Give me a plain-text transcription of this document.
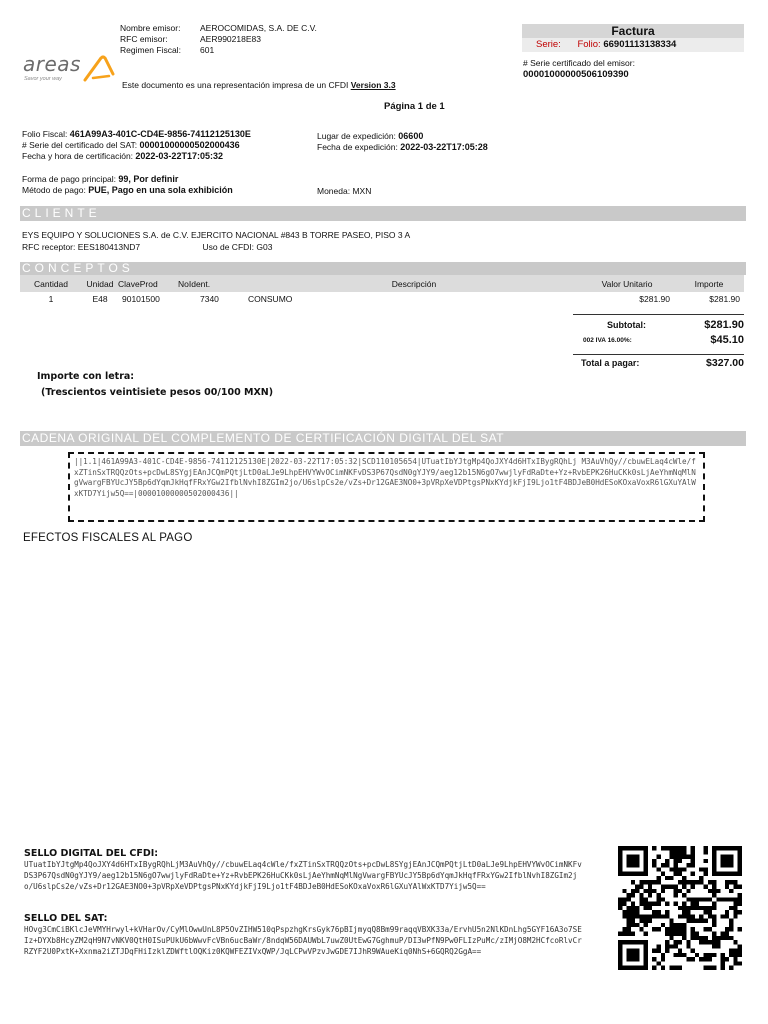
Nombre emisor:	AEROCOMIDAS, S.A. DE C.V.
RFC emisor:	AER990218E83
Regimen Fiscal:	601
areas
Savor your way
Este documento es una representación impresa de un CFDI Version 3.3
Página 1 de 1
Factura
Serie: Folio: 66901113138334
# Serie certificado del emisor:
00001000000506109390
Folio Fiscal: 461A99A3-401C-CD4E-9856-74112125130E
# Serie del certificado del SAT: 00001000000502000436
Fecha y hora de certificación: 2022-03-22T17:05:32
Lugar de expedición: 06600
Fecha de expedición: 2022-03-22T17:05:28
Forma de pago principal: 99, Por definir
Método de pago: PUE, Pago en una sola exhibición	Moneda: MXN
CLIENTE
EYS EQUIPO Y SOLUCIONES S.A. de C.V. EJERCITO NACIONAL #843 B TORRE PASEO, PISO 3 A
RFC receptor: EES180413ND7	Uso de CFDI: G03
CONCEPTOS
Cantidad	Unidad	ClaveProd	NoIdent.	Descripción	Valor Unitario	Importe
1	E48	90101500	7340	CONSUMO	$281.90	$281.90
Subtotal:	$281.90
002 IVA 16.00%:	$45.10
Total a pagar:	$327.00
Importe con letra:
(Trescientos veintisiete pesos 00/100 MXN)
CADENA ORIGINAL DEL COMPLEMENTO DE CERTIFICACIÓN DIGITAL DEL SAT
||1.1|461A99A3-401C-CD4E-9856-74112125130E|2022-03-22T17:05:32|SCD110105654|UTuatIbYJtgMp4QoJXY4d6HTxIBygRQhLj M3AuVhQy//cbuwELaq4cWle/fxZTinSxTRQQzOts+pcDwL8SYgjEAnJCQmPQtjLtD0aLJe9LhpEHVYWvOCimNKFvDS3P67QsdN0gYJY9/aeg12b15N6gO7wwjlyFdRaDte+Yz+RvbEPK26HuCKk0sLjAeYhmNqMlNgVwargFBYUcJY5Bp6dYqmJkHqfFRxYGw2IfblNvhI8ZGIm2jo/U6slpCs2e/vZs+Dr12GAE3NO0+3pVRpXeVDPtgsPNxKYdjkFjI9Ljo1tF4BDJeB0HdESoKOxaVoxR6lGXuYAlWxKTD7Yijw5Q==|00001000000502000436||
EFECTOS FISCALES AL PAGO
SELLO DIGITAL DEL CFDI:
UTuatIbYJtgMp4QoJXY4d6HTxIBygRQhLjM3AuVhQy//cbuwELaq4cWle/fxZTinSxTRQQzOts+pcDwL8SYgjEAnJCQmPQtjLtD0aLJe9LhpEHVYWvOCimNKFvDS3P67QsdN0gYJY9/aeg12b15N6gO7wwjlyFdRaDte+Yz+RvbEPK26HuCKk0sLjAeYhmNqMlNgVwargFBYUcJY5Bp6dYqmJkHqfFRxYGw2IfblNvhI8ZGIm2jo/U6slpCs2e/vZs+Dr12GAE3NO0+3pVRpXeVDPtgsPNxKYdjkFjI9Ljo1tF4BDJeB0HdESoKOxaVoxR6lGXuYAlWxKTD7Yijw5Q==
SELLO DEL SAT:
HOvg3CmCiBKlcJeVMYHrwyl+kVHarOv/CyMlOwwUnL8P5OvZIHW510qPspzhgKrsGyk76pBIjmyqQ8Bm99raqqVBXK33a/ErvhU5n2NlKDnLhg5GYF16A3o7SEIz+DYXb8HcyZM2qH9N7vNKV0QtH0ISuPUkU6bWwvFcVBn6ucBaWr/8ndqW56DAUWbL7uwZ0UtEwG7GghmuP/DI3wPfN9Pw0FLIzPuMc/zIMjO8M2HCfcoRlvCrRZYF2U0PxtK+Xxnma2iZTJDqFHiIzklZDWftlOQKiz0KQWFEZIVxQWP/JqLCPwVPzvJwGDE7IJhR9WAueKiq0NhS+6GQRQ2GgA==
